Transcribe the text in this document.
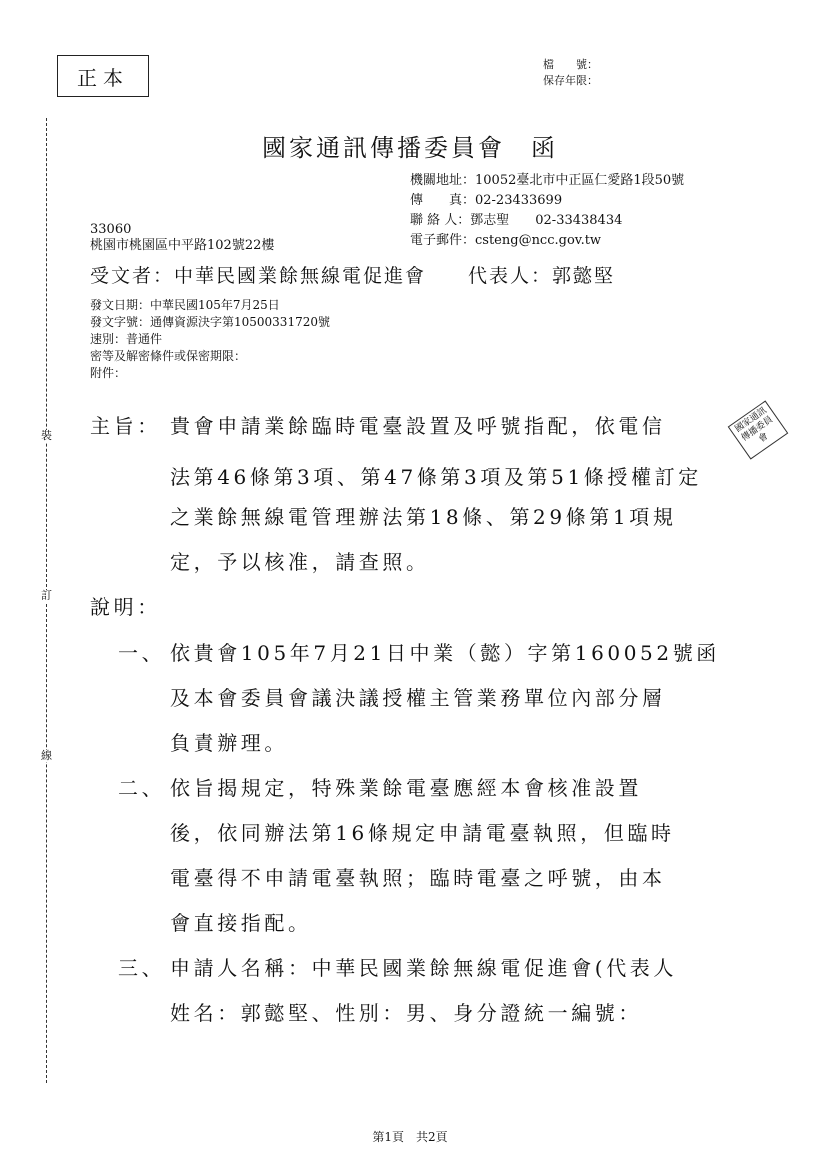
正本
檔　　號：
保存年限：
裝
訂
線
國家通訊傳播委員會 函
機關地址：10052臺北市中正區仁愛路1段50號
傳　　真：02-23433699
聯 絡 人：鄧志聖　　02-33438434
電子郵件：csteng@ncc.gov.tw
33060
桃園市桃園區中平路102號22樓
受文者：中華民國業餘無線電促進會　　代表人：郭懿堅
發文日期：中華民國105年7月25日
發文字號：通傳資源決字第10500331720號
速別：普通件
密等及解密條件或保密期限：
附件：
主旨： 貴會申請業餘臨時電臺設置及呼號指配，依電信
法第46條第3項、第47條第3項及第51條授權訂定
之業餘無線電管理辦法第18條、第29條第1項規
定，予以核准，請查照。
說明：
一、 依貴會105年7月21日中業（懿）字第160052號函
及本會委員會議決議授權主管業務單位內部分層
負責辦理。
二、 依旨揭規定，特殊業餘電臺應經本會核准設置
後，依同辦法第16條規定申請電臺執照，但臨時
電臺得不申請電臺執照；臨時電臺之呼號，由本
會直接指配。
三、 申請人名稱：中華民國業餘無線電促進會(代表人
姓名：郭懿堅、性別：男、身分證統一編號：
國家通訊傳播委員會
第1頁　共2頁
